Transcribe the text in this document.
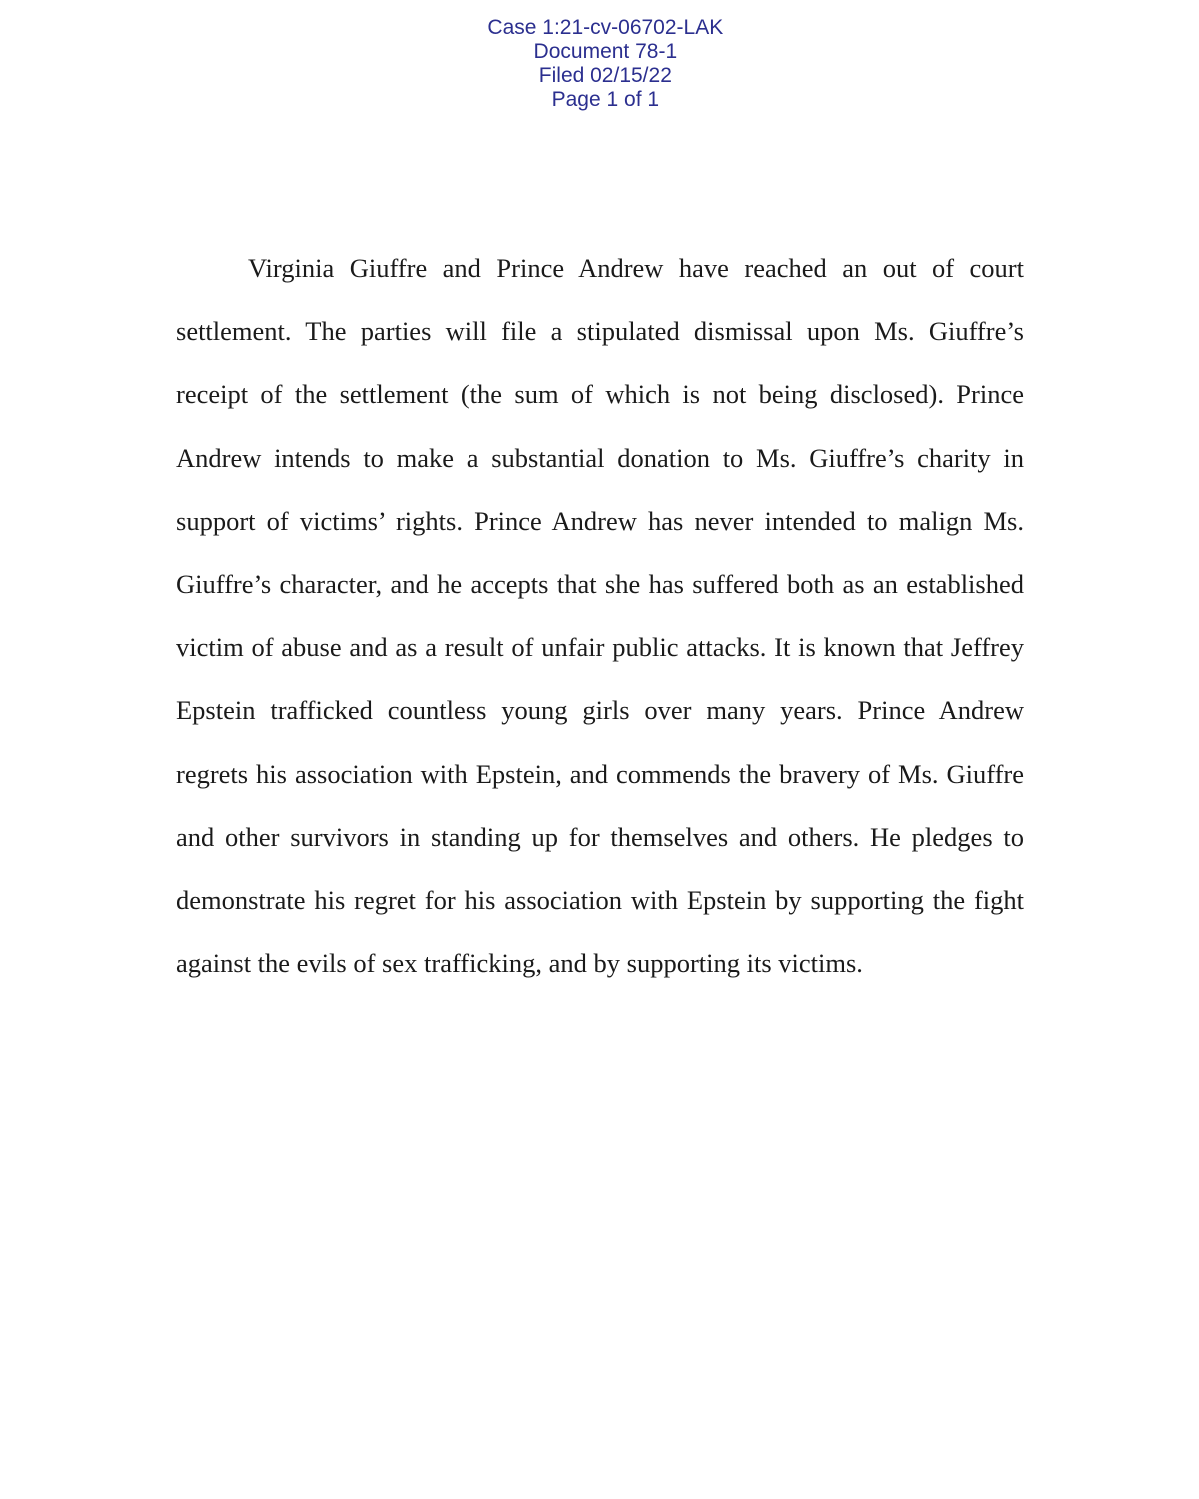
Case 1:21-cv-06702-LAK
Document 78-1
Filed 02/15/22
Page 1 of 1

Virginia Giuffre and Prince Andrew have reached an out of court
settlement. The parties will file a stipulated dismissal upon Ms. Giuffre’s
receipt of the settlement (the sum of which is not being disclosed). Prince
Andrew intends to make a substantial donation to Ms. Giuffre’s charity in
support of victims’ rights. Prince Andrew has never intended to malign Ms.
Giuffre’s character, and he accepts that she has suffered both as an established
victim of abuse and as a result of unfair public attacks. It is known that Jeffrey
Epstein trafficked countless young girls over many years. Prince Andrew
regrets his association with Epstein, and commends the bravery of Ms. Giuffre
and other survivors in standing up for themselves and others. He pledges to
demonstrate his regret for his association with Epstein by supporting the fight
against the evils of sex trafficking, and by supporting its victims.
